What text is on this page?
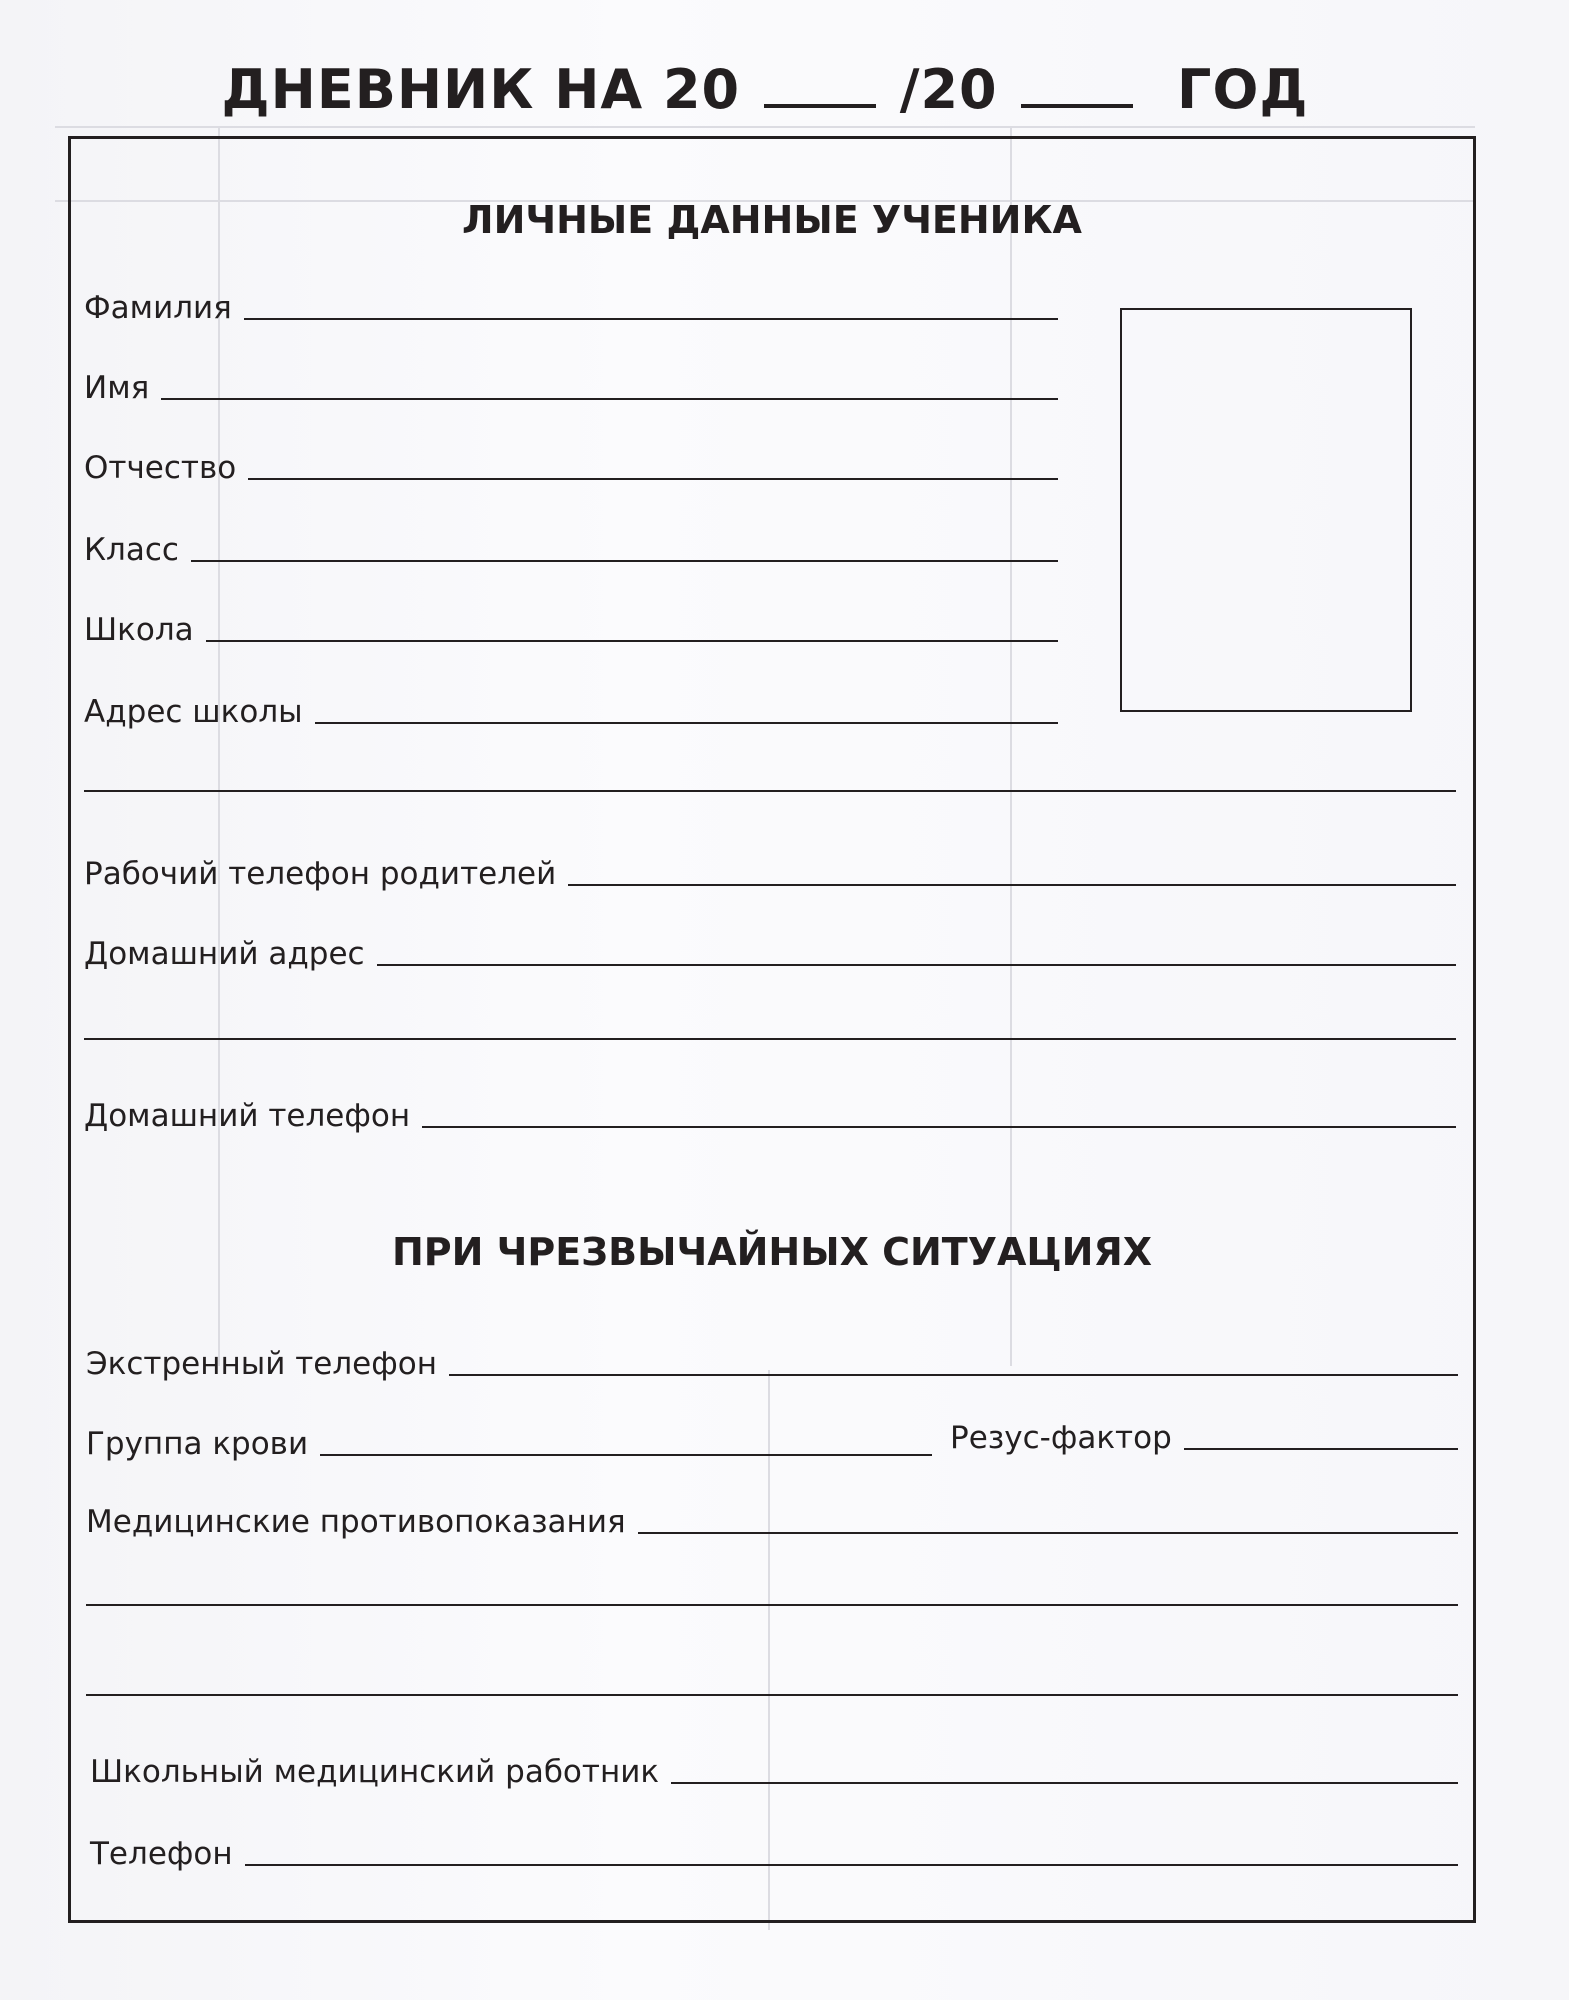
ДНЕВНИК НА 20	/20	ГОД
ЛИЧНЫЕ ДАННЫЕ УЧЕНИКА
Фамилия
Имя
Отчество
Класс
Школа
Адрес школы
Рабочий телефон родителей
Домашний адрес
Домашний телефон
ПРИ ЧРЕЗВЫЧАЙНЫХ СИТУАЦИЯХ
Экстренный телефон
Группа крови	Резус-фактор
Медицинские противопоказания
Школьный медицинский работник
Телефон
